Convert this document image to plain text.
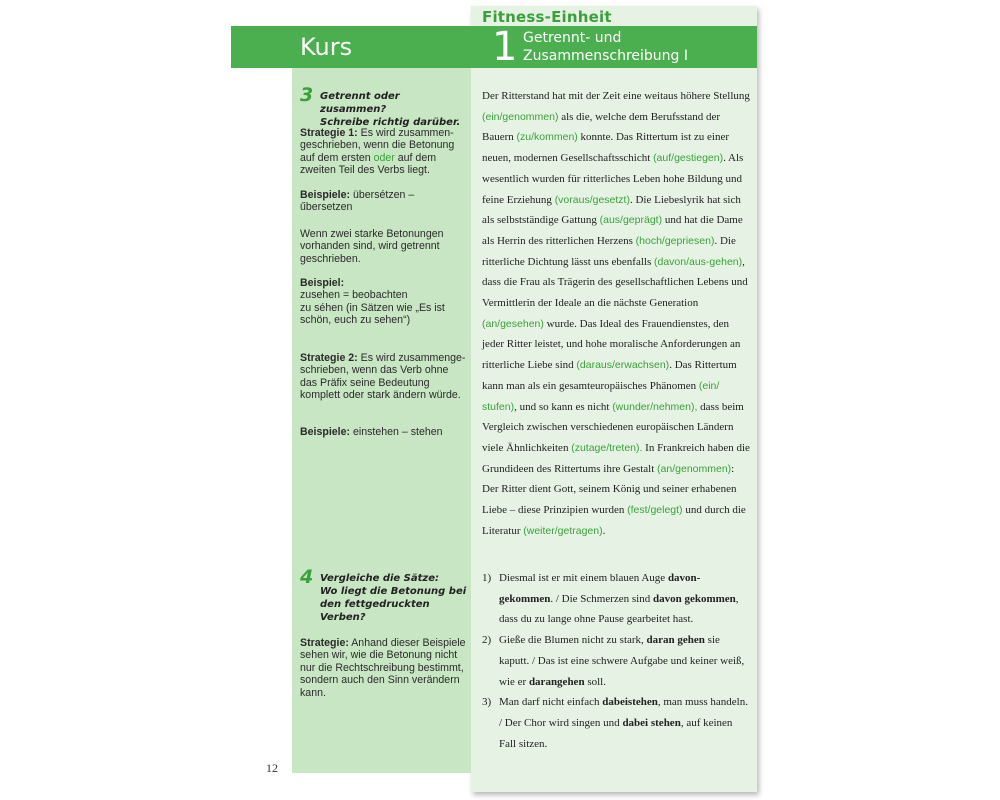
Fitness-Einheit
Kurs	1 Getrennt- und
Zusammenschreibung I
3 Getrennt oder zusammen?
Schreibe richtig darüber.
Strategie 1: Es wird zusammen-geschrieben, wenn die Betonung auf dem ersten oder auf dem zweiten Teil des Verbs liegt.
Beispiele: übersétzen – űbersetzen
Wenn zwei starke Betonungen vorhanden sind, wird getrennt geschrieben.
Beispiel:
zusehen = beobachten
zu séhen (in Sätzen wie „Es ist schön, euch zu sehen“)
Strategie 2: Es wird zusammenge-schrieben, wenn das Verb ohne das Präfix seine Bedeutung komplett oder stark ändern würde.
Beispiele: einstehen – stehen
4 Vergleiche die Sätze:
Wo liegt die Betonung bei den fettgedruckten Verben?
Strategie: Anhand dieser Beispiele sehen wir, wie die Betonung nicht nur die Rechtschreibung bestimmt, sondern auch den Sinn verändern kann.
Der Ritterstand hat mit der Zeit eine weitaus höhere Stellung (ein/genommen) als die, welche dem Berufsstand der Bauern (zu/kommen) konnte. Das Rittertum ist zu einer neuen, modernen Gesellschaftsschicht (auf/gestiegen). Als wesentlich wurden für ritterliches Leben hohe Bildung und feine Erziehung (voraus/gesetzt). Die Liebeslyrik hat sich als selbstständige Gattung (aus/geprägt) und hat die Dame als Herrin des ritterlichen Herzens (hoch/gepriesen). Die ritterliche Dichtung lässt uns ebenfalls (davon/aus-gehen), dass die Frau als Trägerin des gesellschaftlichen Lebens und Vermittlerin der Ideale an die nächste Generation (an/gesehen) wurde. Das Ideal des Frauendienstes, den jeder Ritter leistet, und hohe moralische Anforderungen an ritterliche Liebe sind (daraus/erwachsen). Das Rittertum kann man als ein gesamteuropäisches Phänomen (ein/ stufen), und so kann es nicht (wunder/nehmen), dass beim Vergleich zwischen verschiedenen europäischen Ländern viele Ähnlichkeiten (zutage/treten). In Frankreich haben die Grundideen des Rittertums ihre Gestalt (an/genommen): Der Ritter dient Gott, seinem König und seiner erhabenen Liebe – diese Prinzipien wurden (fest/gelegt) und durch die Literatur (weiter/getragen).
1) Diesmal ist er mit einem blauen Auge davon-gekommen. / Die Schmerzen sind davon gekommen, dass du zu lange ohne Pause gearbeitet hast.
2) Gieße die Blumen nicht zu stark, daran gehen sie kaputt. / Das ist eine schwere Aufgabe und keiner weiß, wie er darangehen soll.
3) Man darf nicht einfach dabeistehen, man muss handeln. / Der Chor wird singen und dabei stehen, auf keinen Fall sitzen.
12
